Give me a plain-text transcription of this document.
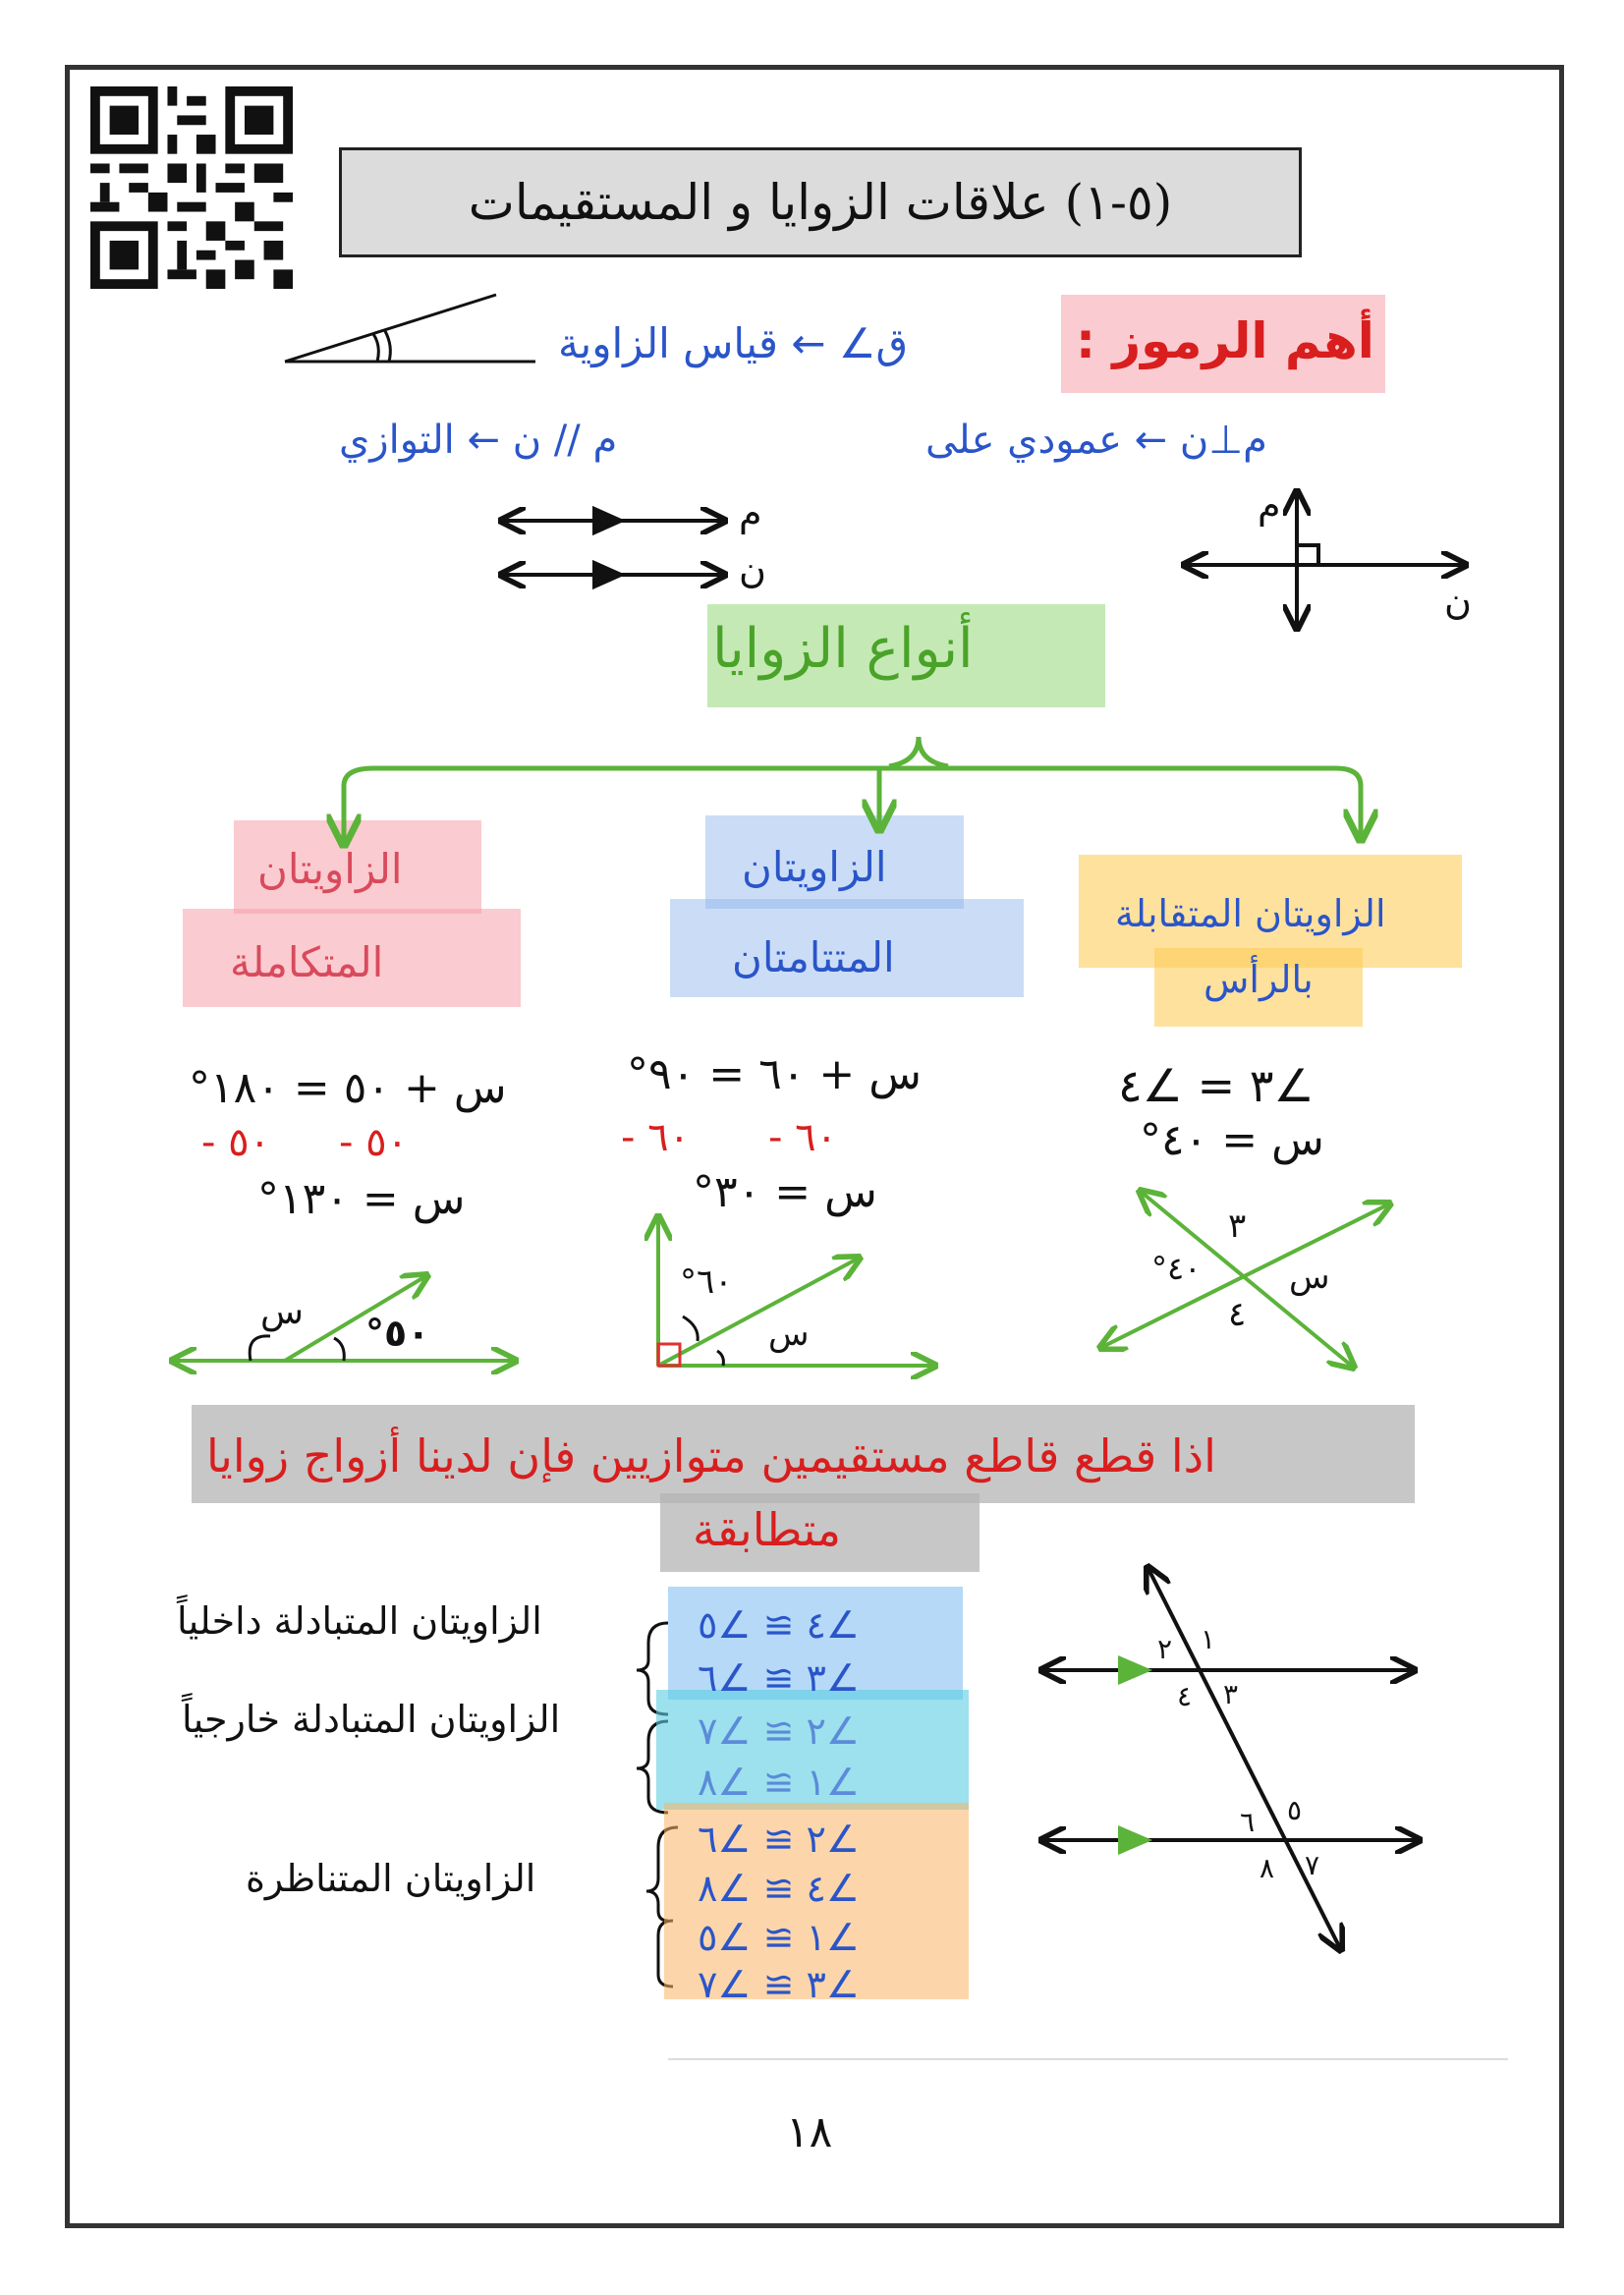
(٥-١) علاقات الزوايا و المستقيمات
أهم الرموز :
ق∠ ← قياس الزاوية
م⊥ن ← عمودي على
م // ن ← التوازي
أنواع الزوايا
الزاويتان
المتكاملة
الزاويتان
المتتامتان
الزاويتان المتقابلة
بالرأس
س + ٥٠ = ١٨٠°
٥٠ - ٥٠ -
س = ١٣٠°
س + ٦٠ = ٩٠°
٦٠ - ٦٠ -
س = ٣٠°
∠٣ = ∠٤
س = ٤٠°
م
ن
م
ن
س ٥٠°
٦٠°
س
٣
٤٠°	س
٤
٢ ١
٤ ٣
٦ ٥
٨ ٧
اذا قطع قاطع مستقيمين متوازيين فإن لدينا أزواج زوايا
متطابقة
الزاويتان المتبادلة داخلياً
الزاويتان المتبادلة خارجياً
الزاويتان المتناظرة
∠٤ ≅ ∠٥
∠٣ ≅ ∠٦
∠٢ ≅ ∠٧
∠١ ≅ ∠٨
∠٢ ≅ ∠٦
∠٤ ≅ ∠٨
∠١ ≅ ∠٥
∠٣ ≅ ∠٧
١٨
